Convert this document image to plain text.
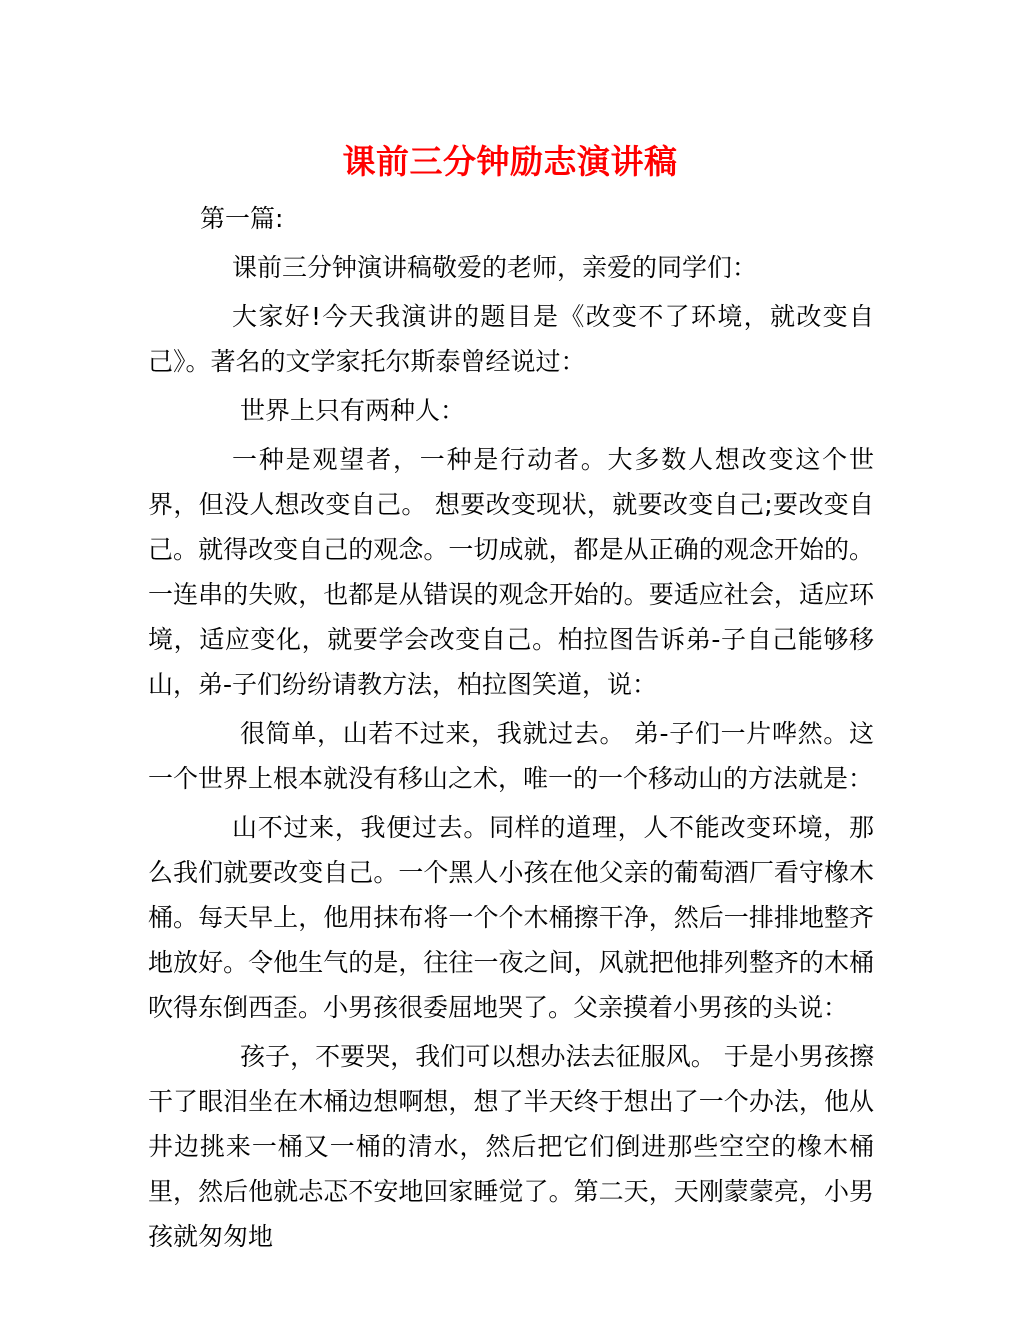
课前三分钟励志演讲稿

第一篇:

课前三分钟演讲稿敬爱的老师，亲爱的同学们：

大家好!今天我演讲的题目是《改变不了环境，就改变自己》。著名的文学家托尔斯泰曾经说过：

世界上只有两种人：

一种是观望者，一种是行动者。大多数人想改变这个世界，但没人想改变自己。 想要改变现状，就要改变自己;要改变自己。就得改变自己的观念。一切成就，都是从正确的观念开始的。一连串的失败，也都是从错误的观念开始的。要适应社会，适应环境，适应变化，就要学会改变自己。柏拉图告诉弟-子自己能够移山，弟-子们纷纷请教方法，柏拉图笑道，说：

很简单，山若不过来，我就过去。 弟-子们一片哗然。这一个世界上根本就没有移山之术，唯一的一个移动山的方法就是：

山不过来，我便过去。同样的道理，人不能改变环境，那么我们就要改变自己。一个黑人小孩在他父亲的葡萄酒厂看守橡木桶。每天早上，他用抹布将一个个木桶擦干净，然后一排排地整齐地放好。令他生气的是，往往一夜之间，风就把他排列整齐的木桶吹得东倒西歪。小男孩很委屈地哭了。父亲摸着小男孩的头说：

孩子，不要哭，我们可以想办法去征服风。 于是小男孩擦干了眼泪坐在木桶边想啊想，想了半天终于想出了一个办法，他从井边挑来一桶又一桶的清水，然后把它们倒进那些空空的橡木桶里，然后他就忐忑不安地回家睡觉了。第二天，天刚蒙蒙亮，小男孩就匆匆地
